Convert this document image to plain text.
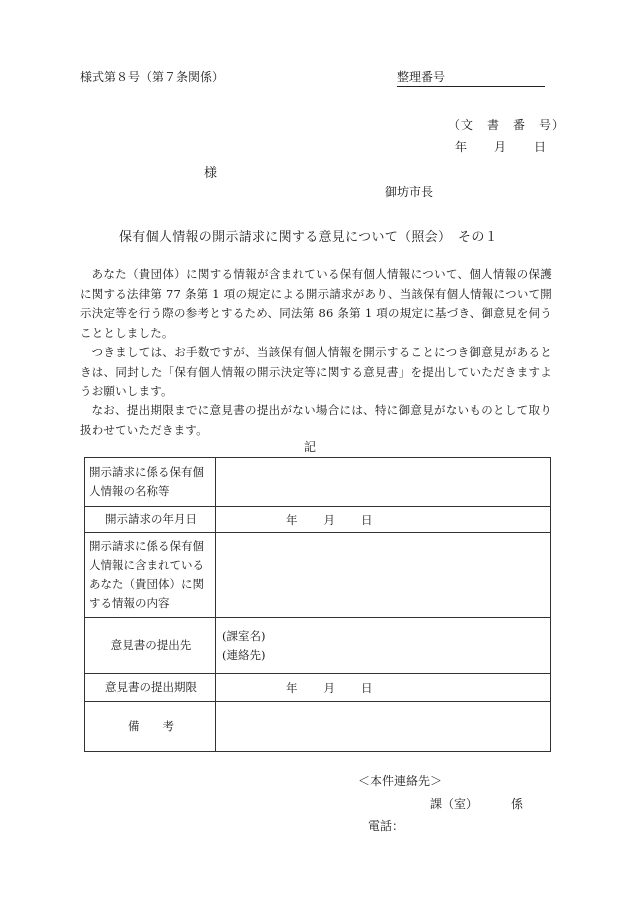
様式第８号（第７条関係）	整理番号
（文　書　番　号）
年 月 日
様
御坊市長
保有個人情報の開示請求に関する意見について（照会）　その１

あなた（貴団体）に関する情報が含まれている保有個人情報について、個人情報の保護に関する法律第 77 条第 1 項の規定による開示請求があり、当該保有個人情報について開示決定等を行う際の参考とするため、同法第 86 条第 1 項の規定に基づき、御意見を伺うこととしました。

つきましては、お手数ですが、当該保有個人情報を開示することにつき御意見があるときは、同封した「保有個人情報の開示決定等に関する意見書」を提出していただきますようお願いします。

なお、提出期限までに意見書の提出がない場合には、特に御意見がないものとして取り扱わせていただきます。

記
開示請求に係る保有個人情報の名称等	
開示請求の年月日	年 月 日

開示請求に係る保有個人情報に含まれているあなた（貴団体）に関する情報の内容	
意見書の提出先	(課室名)
(連絡先)

意見書の提出期限	年 月 日

備　　考	
＜本件連絡先＞
課（室）	係
電話：
